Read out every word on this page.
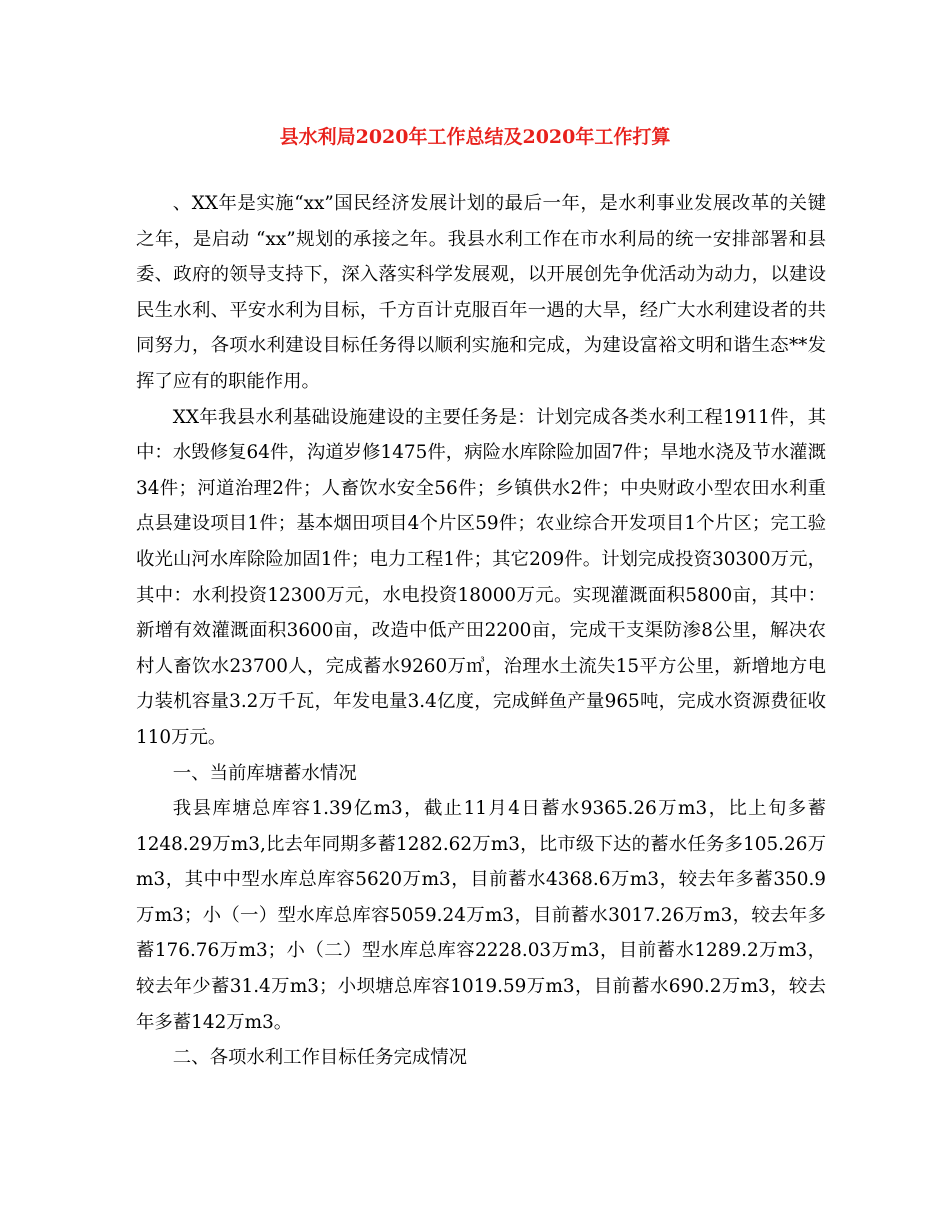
县水利局2020年工作总结及2020年工作打算

、XX年是实施“xx”国民经济发展计划的最后一年，是水利事业发展改革的关键之年，是启动 “xx”规划的承接之年。我县水利工作在市水利局的统一安排部署和县委、政府的领导支持下，深入落实科学发展观，以开展创先争优活动为动力，以建设民生水利、平安水利为目标，千方百计克服百年一遇的大旱，经广大水利建设者的共同努力，各项水利建设目标任务得以顺利实施和完成，为建设富裕文明和谐生态**发挥了应有的职能作用。

XX年我县水利基础设施建设的主要任务是：计划完成各类水利工程1911件，其中：水毁修复64件，沟道岁修1475件，病险水库除险加固7件；旱地水浇及节水灌溉34件；河道治理2件；人畜饮水安全56件；乡镇供水2件；中央财政小型农田水利重点县建设项目1件；基本烟田项目4个片区59件；农业综合开发项目1个片区；完工验收光山河水库除险加固1件；电力工程1件；其它209件。计划完成投资30300万元，其中：水利投资12300万元，水电投资18000万元。实现灌溉面积5800亩，其中：新增有效灌溉面积3600亩，改造中低产田2200亩，完成干支渠防渗8公里，解决农村人畜饮水23700人，完成蓄水9260万㎥，治理水土流失15平方公里，新增地方电力装机容量3.2万千瓦，年发电量3.4亿度，完成鲜鱼产量965吨，完成水资源费征收110万元。

一、当前库塘蓄水情况

我县库塘总库容1.39亿m3，截止11月4日蓄水9365.26万m3，比上旬多蓄1248.29万m3,比去年同期多蓄1282.62万m3，比市级下达的蓄水任务多105.26万m3，其中中型水库总库容5620万m3，目前蓄水4368.6万m3，较去年多蓄350.9万m3；小（一）型水库总库容5059.24万m3，目前蓄水3017.26万m3，较去年多蓄176.76万m3；小（二）型水库总库容2228.03万m3，目前蓄水1289.2万m3，较去年少蓄31.4万m3；小坝塘总库容1019.59万m3，目前蓄水690.2万m3，较去年多蓄142万m3。

二、各项水利工作目标任务完成情况
